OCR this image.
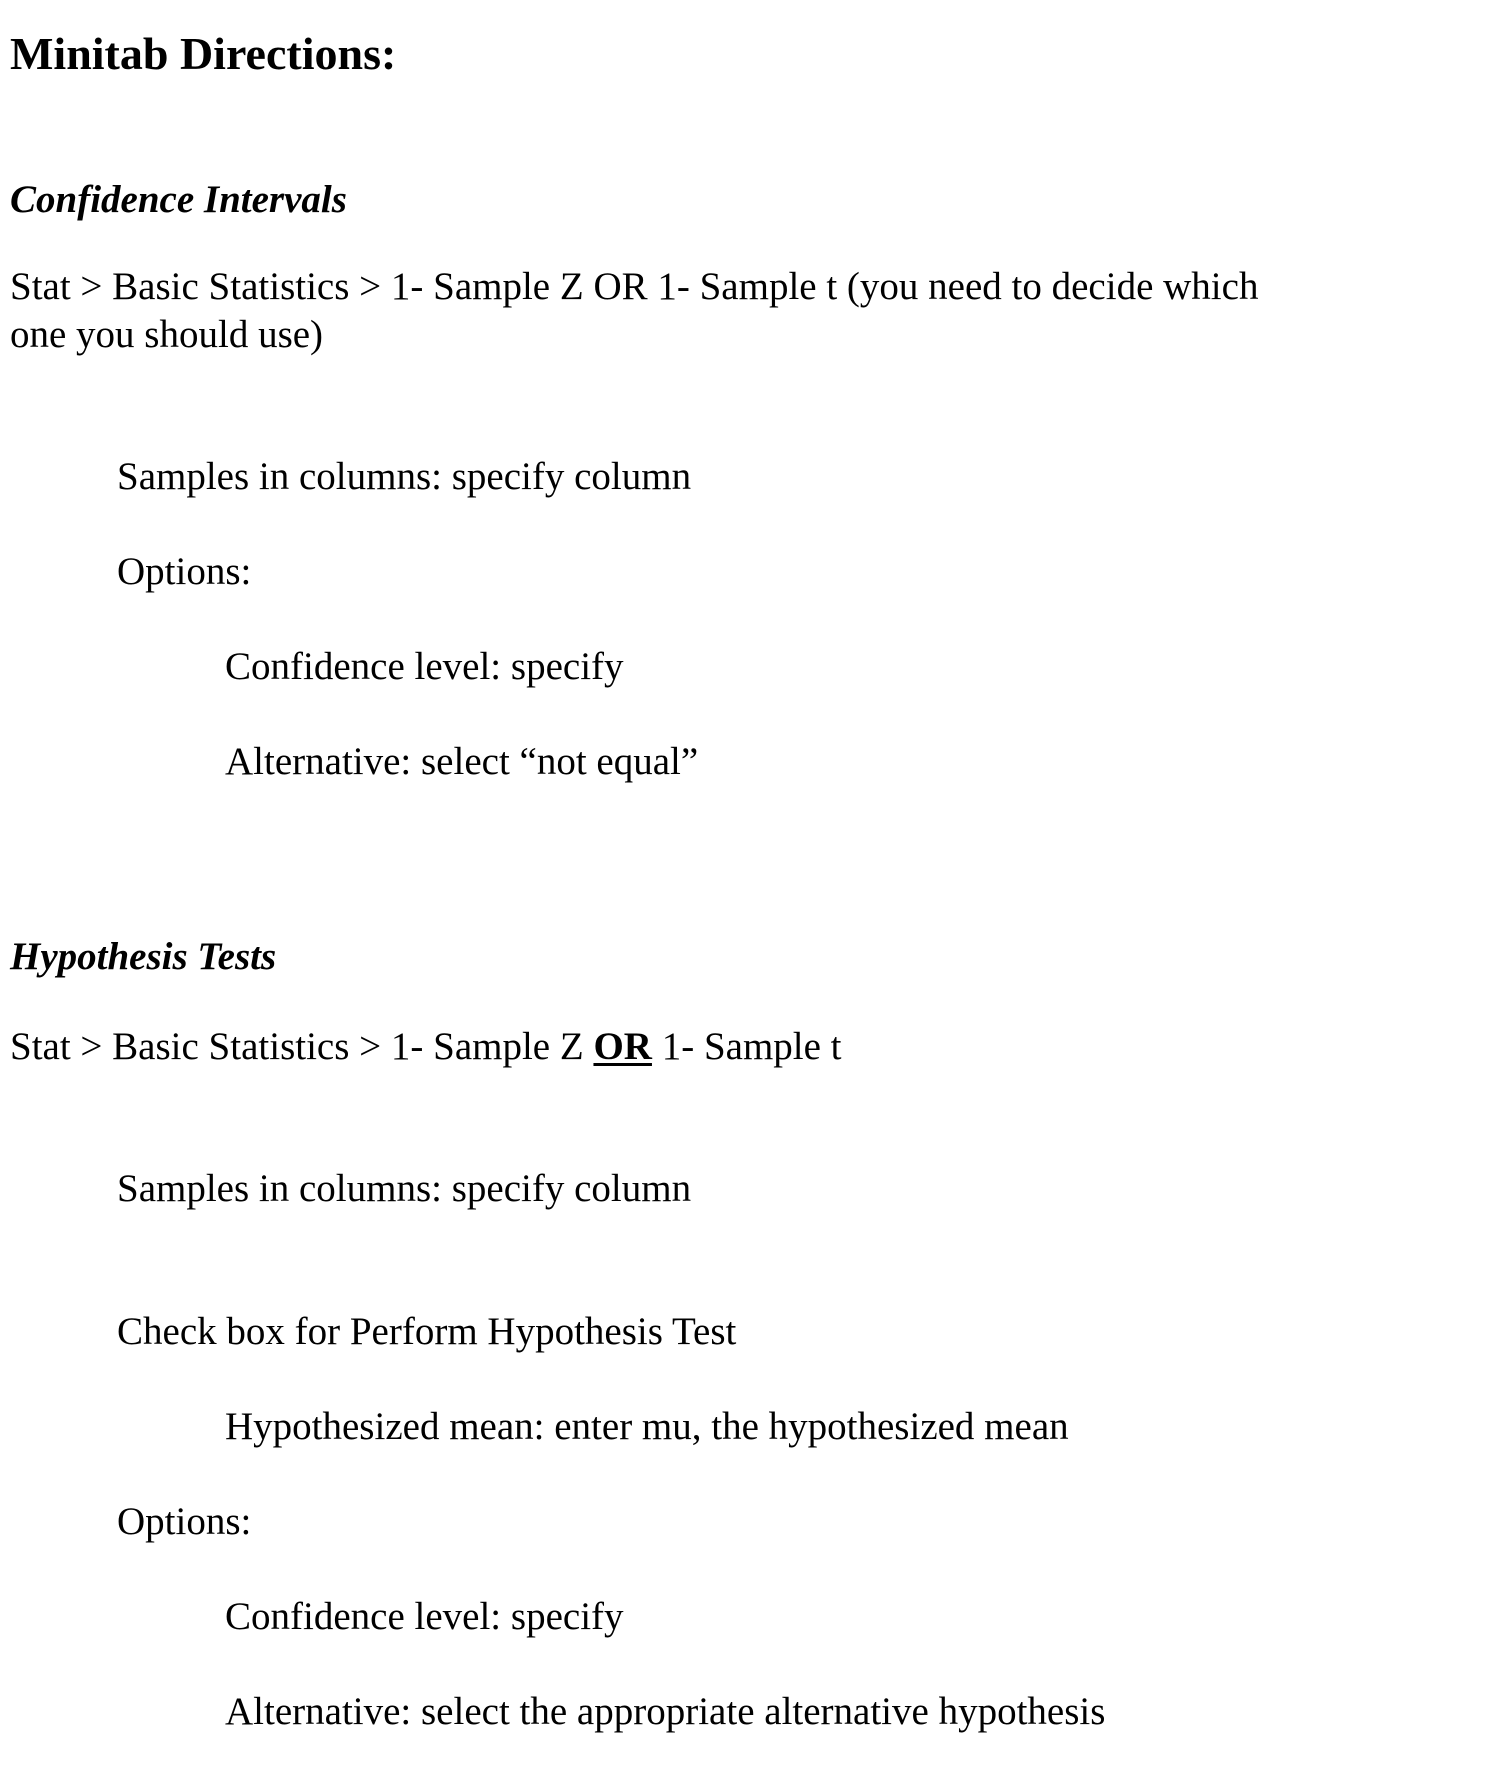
Minitab Directions:
Confidence Intervals
Stat > Basic Statistics > 1- Sample Z OR 1- Sample t (you need to decide which
one you should use)
Samples in columns: specify column
Options:
Confidence level: specify
Alternative: select “not equal”
Hypothesis Tests
Stat > Basic Statistics > 1- Sample Z OR 1- Sample t
Samples in columns: specify column
Check box for Perform Hypothesis Test
Hypothesized mean: enter mu, the hypothesized mean
Options:
Confidence level: specify
Alternative: select the appropriate alternative hypothesis
